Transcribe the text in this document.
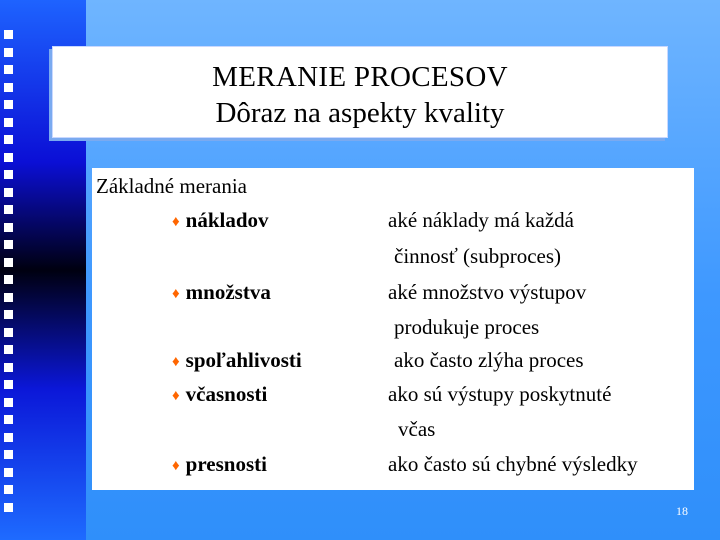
MERANIE PROCESOV
Dôraz na aspekty kvality
Základné merania
♦ nákladov	aké náklady má každá
činnosť (subproces)
♦ množstva	aké množstvo výstupov
produkuje proces
♦ spoľahlivosti	ako často zlýha proces
♦ včasnosti	ako sú výstupy poskytnuté
včas
♦ presnosti	ako často sú chybné výsledky
18
